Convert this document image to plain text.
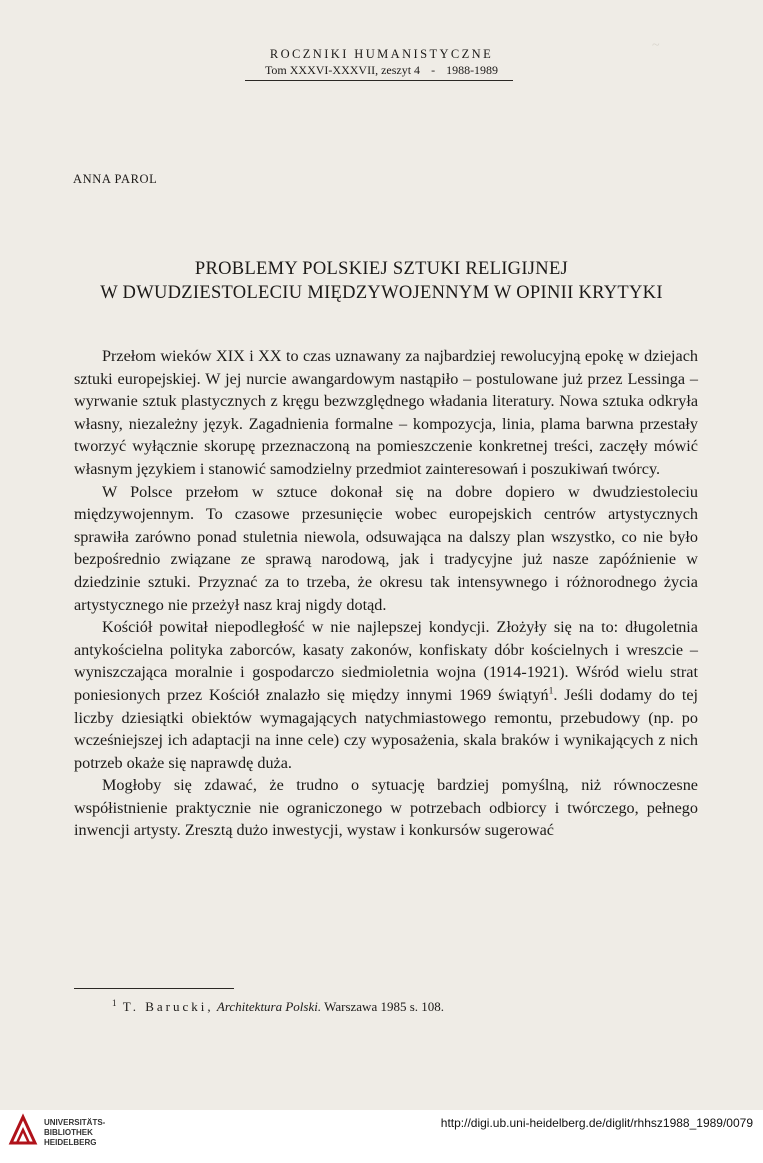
~
ROCZNIKI HUMANISTYCZNE
Tom XXXVI-XXXVII, zeszyt 4 - 1988-1989
ANNA PAROL
PROBLEMY POLSKIEJ SZTUKI RELIGIJNEJ
W DWUDZIESTOLECIU MIĘDZYWOJENNYM W OPINII KRYTYKI

Przełom wieków XIX i XX to czas uznawany za najbardziej rewolucyjną epokę w dziejach sztuki europejskiej. W jej nurcie awangardowym nastąpiło – postulowane już przez Lessinga – wyrwanie sztuk plastycznych z kręgu bezwzględnego władania literatury. Nowa sztuka odkryła własny, niezależny język. Zagadnienia formalne – kompozycja, linia, plama barwna przestały tworzyć wyłącznie skorupę przeznaczoną na pomieszczenie konkretnej treści, zaczęły mówić własnym językiem i stanowić samodzielny przedmiot zainteresowań i poszukiwań twórcy.

W Polsce przełom w sztuce dokonał się na dobre dopiero w dwudziestoleciu międzywojennym. To czasowe przesunięcie wobec europejskich centrów artystycznych sprawiła zarówno ponad stuletnia niewola, odsuwająca na dalszy plan wszystko, co nie było bezpośrednio związane ze sprawą narodową, jak i tradycyjne już nasze zapóźnienie w dziedzinie sztuki. Przyznać za to trzeba, że okresu tak intensywnego i różnorodnego życia artystycznego nie przeżył nasz kraj nigdy dotąd.

Kościół powitał niepodległość w nie najlepszej kondycji. Złożyły się na to: długoletnia antykościelna polityka zaborców, kasaty zakonów, konfiskaty dóbr kościelnych i wreszcie – wyniszczająca moralnie i gospodarczo siedmioletnia wojna (1914-1921). Wśród wielu strat poniesionych przez Kościół znalazło się między innymi 1969 świątyń$^1$. Jeśli dodamy do tej liczby dziesiątki obiektów wymagających natychmiastowego remontu, przebudowy (np. po wcześniejszej ich adaptacji na inne cele) czy wyposażenia, skala braków i wynikających z nich potrzeb okaże się naprawdę duża.

Mogłoby się zdawać, że trudno o sytuację bardziej pomyślną, niż równoczesne współistnienie praktycznie nie ograniczonego w potrzebach odbiorcy i twórczego, pełnego inwencji artysty. Zresztą dużo inwestycji, wystaw i konkursów sugerować

$^1$ T. Barucki, Architektura Polski. Warszawa 1985 s. 108.
UNIVERSITÄTS-
BIBLIOTHEK
HEIDELBERG
http://digi.ub.uni-heidelberg.de/diglit/rhhsz1988_1989/0079
